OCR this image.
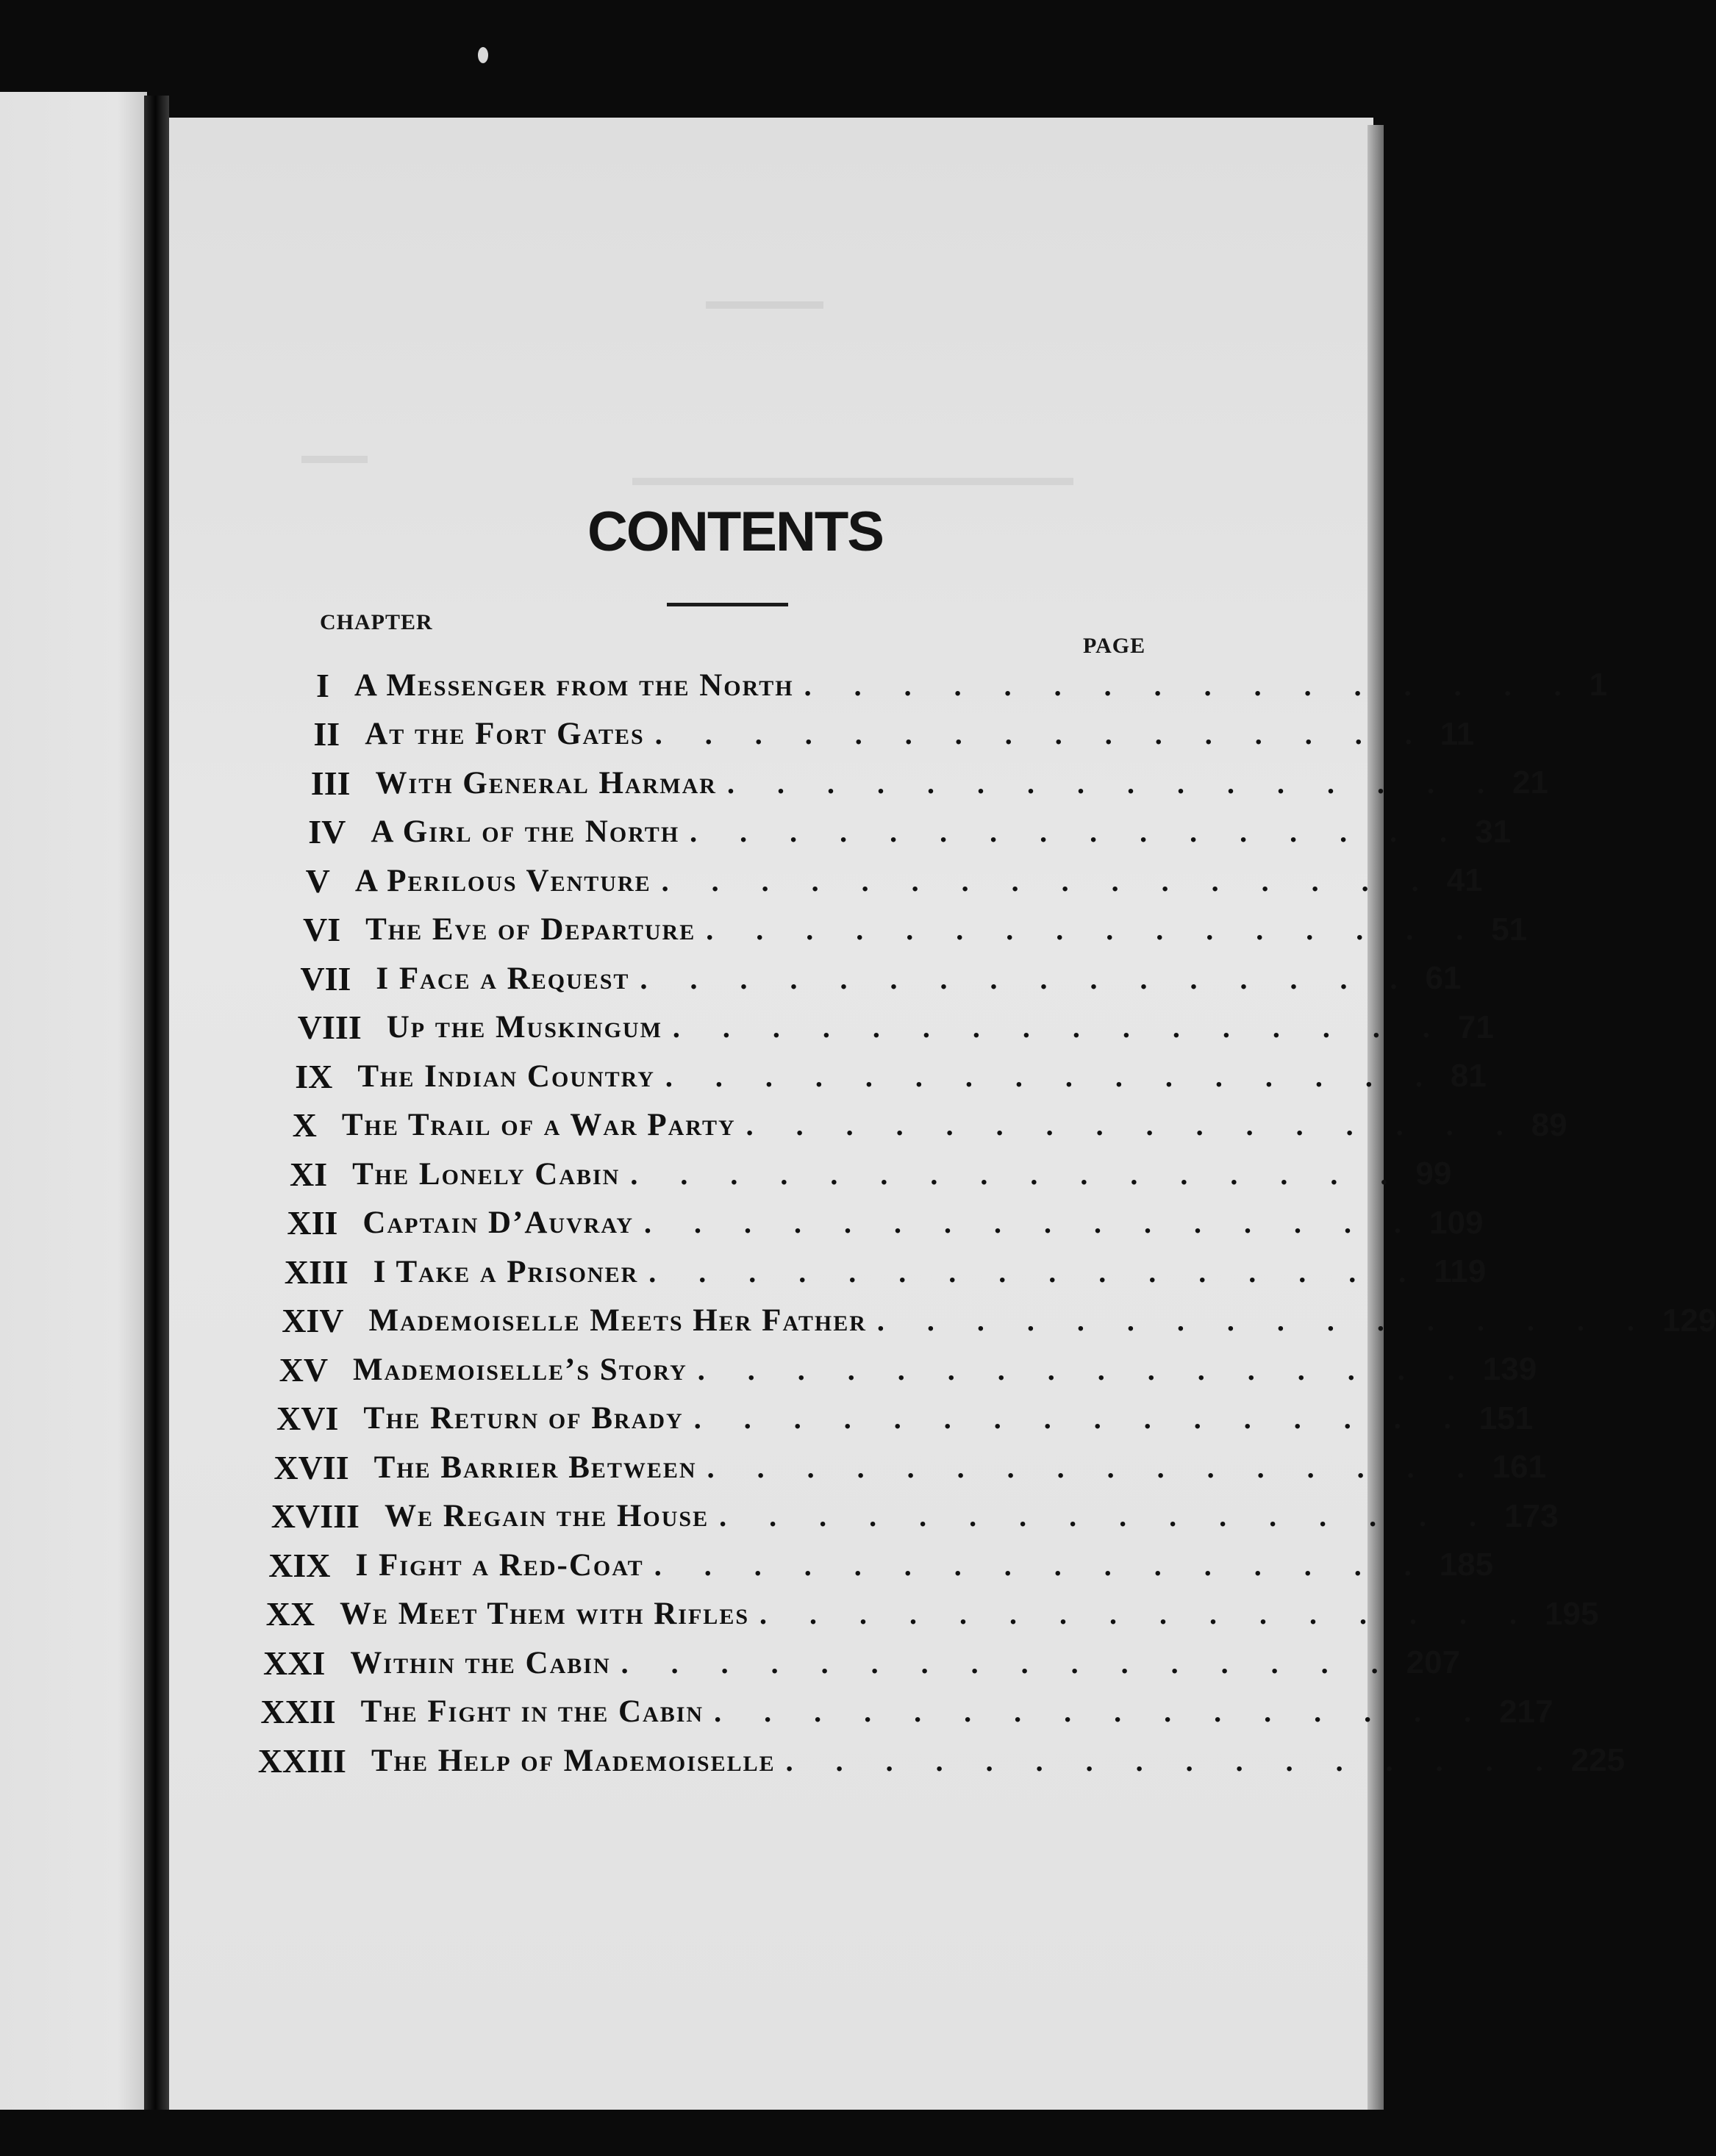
CONTENTS
CHAPTER
PAGE
I A Messenger from the North . . . . . . . . . . . . . . . . 1
II At the Fort Gates . . . . . . . . . . . . . . . . 11
III With General Harmar . . . . . . . . . . . . . . . . 21
IV A Girl of the North . . . . . . . . . . . . . . . . 31
V A Perilous Venture . . . . . . . . . . . . . . . . 41
VI The Eve of Departure . . . . . . . . . . . . . . . . 51
VII I Face a Request . . . . . . . . . . . . . . . . 61
VIII Up the Muskingum . . . . . . . . . . . . . . . . 71
IX The Indian Country . . . . . . . . . . . . . . . . 81
X The Trail of a War Party . . . . . . . . . . . . . . . . 89
XI The Lonely Cabin . . . . . . . . . . . . . . . . 99
XII Captain D’Auvray . . . . . . . . . . . . . . . . 109
XIII I Take a Prisoner . . . . . . . . . . . . . . . . 119
XIV Mademoiselle Meets Her Father . . . . . . . . . . . . . . . . 129
XV Mademoiselle’s Story . . . . . . . . . . . . . . . . 139
XVI The Return of Brady . . . . . . . . . . . . . . . . 151
XVII The Barrier Between . . . . . . . . . . . . . . . . 161
XVIII We Regain the House . . . . . . . . . . . . . . . . 173
XIX I Fight a Red-Coat . . . . . . . . . . . . . . . . 185
XX We Meet Them with Rifles . . . . . . . . . . . . . . . . 195
XXI Within the Cabin . . . . . . . . . . . . . . . . 207
XXII The Fight in the Cabin . . . . . . . . . . . . . . . . 217
XXIII The Help of Mademoiselle . . . . . . . . . . . . . . . . 225
